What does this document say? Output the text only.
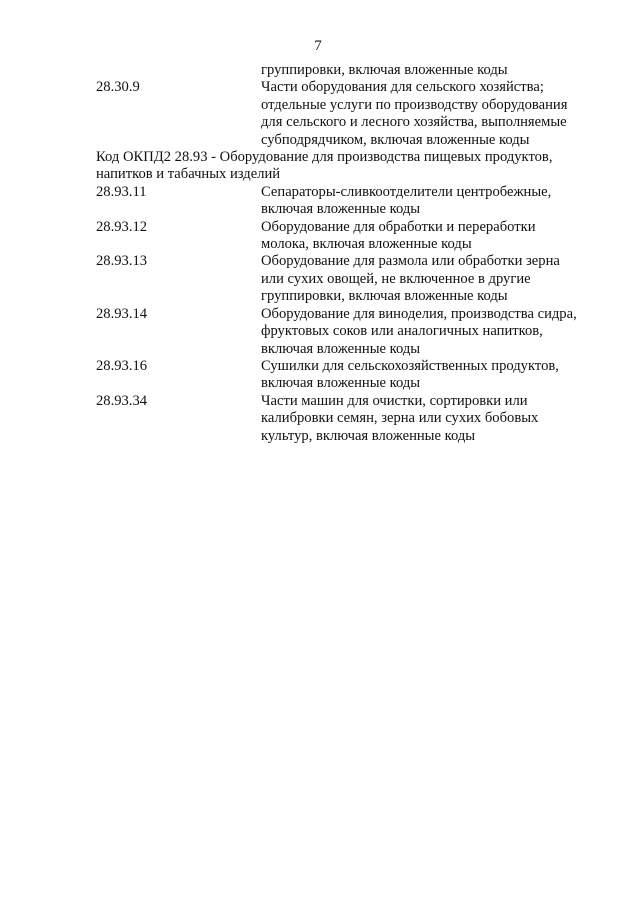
7
группировки, включая вложенные коды
28.30.9	Части оборудования для сельского хозяйства;
отдельные услуги по производству оборудования
для сельского и лесного хозяйства, выполняемые
субподрядчиком, включая вложенные коды
Код ОКПД2 28.93 - Оборудование для производства пищевых продуктов,
напитков и табачных изделий
28.93.11	Сепараторы-сливкоотделители центробежные,
включая вложенные коды
28.93.12	Оборудование для обработки и переработки
молока, включая вложенные коды
28.93.13	Оборудование для размола или обработки зерна
или сухих овощей, не включенное в другие
группировки, включая вложенные коды
28.93.14	Оборудование для виноделия, производства сидра,
фруктовых соков или аналогичных напитков,
включая вложенные коды
28.93.16	Сушилки для сельскохозяйственных продуктов,
включая вложенные коды
28.93.34	Части машин для очистки, сортировки или
калибровки семян, зерна или сухих бобовых
культур, включая вложенные коды
